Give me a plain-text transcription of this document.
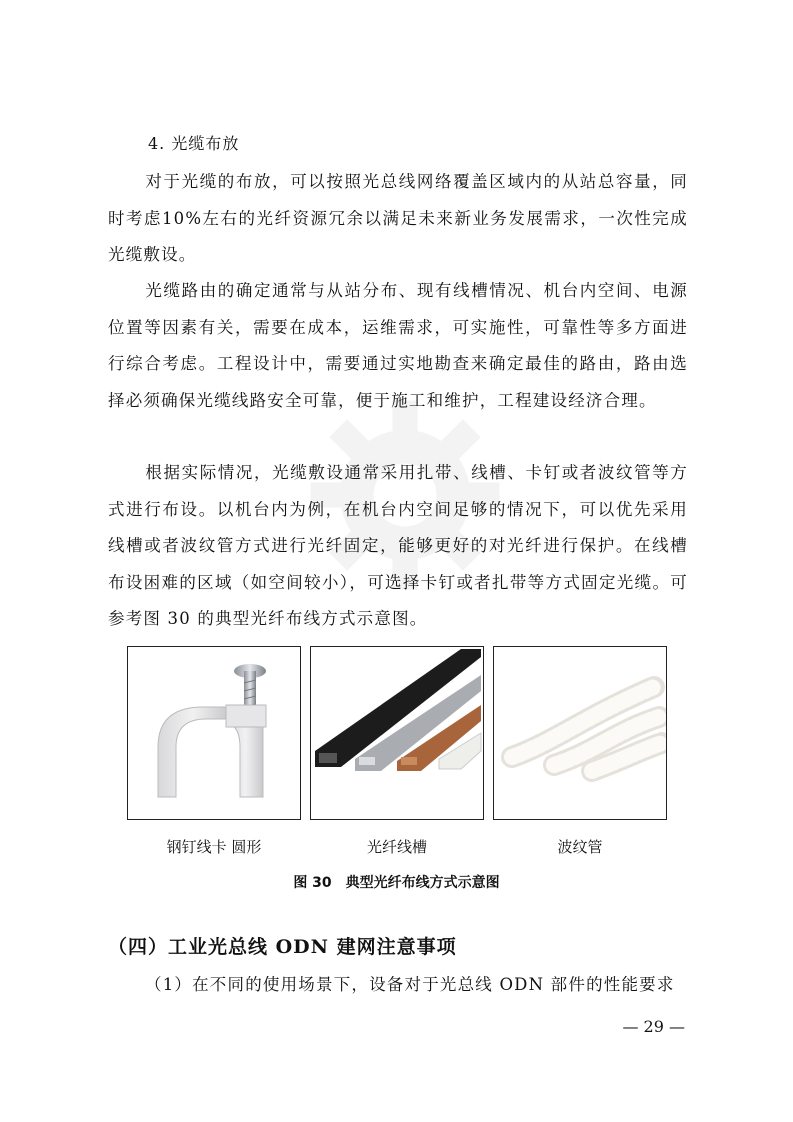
4. 光缆布放

对于光缆的布放，可以按照光总线网络覆盖区域内的从站总容量，同时考虑10%左右的光纤资源冗余以满足未来新业务发展需求，一次性完成光缆敷设。

光缆路由的确定通常与从站分布、现有线槽情况、机台内空间、电源位置等因素有关，需要在成本，运维需求，可实施性，可靠性等多方面进行综合考虑。工程设计中，需要通过实地勘查来确定最佳的路由，路由选择必须确保光缆线路安全可靠，便于施工和维护，工程建设经济合理。

根据实际情况，光缆敷设通常采用扎带、线槽、卡钉或者波纹管等方式进行布设。以机台内为例，在机台内空间足够的情况下，可以优先采用线槽或者波纹管方式进行光纤固定，能够更好的对光纤进行保护。在线槽布设困难的区域（如空间较小），可选择卡钉或者扎带等方式固定光缆。可参考图 30 的典型光纤布线方式示意图。

钢钉线卡 圆形	光纤线槽	波纹管
图 30　典型光纤布线方式示意图
（四）工业光总线 ODN 建网注意事项

（1）在不同的使用场景下，设备对于光总线 ODN 部件的性能要求

— 29 —
